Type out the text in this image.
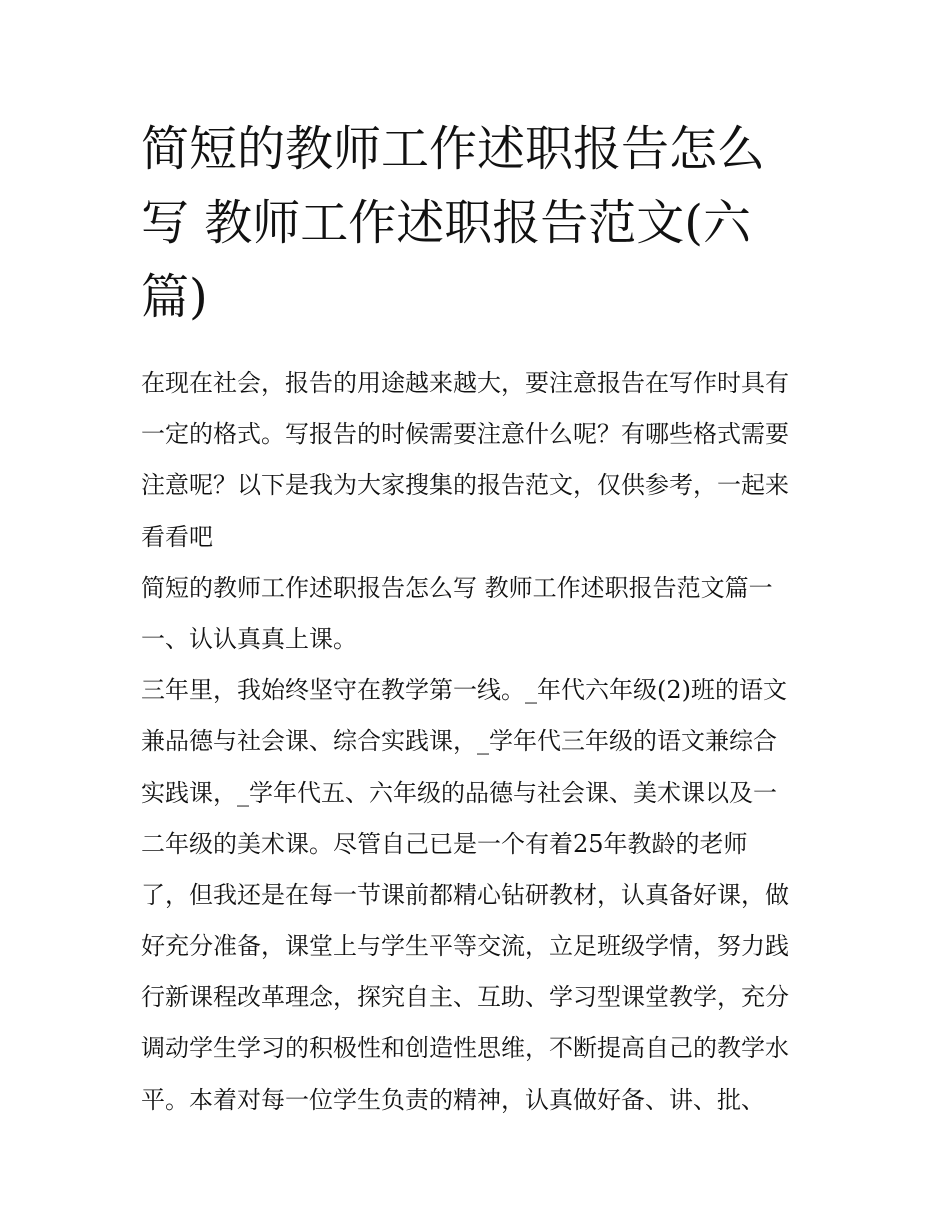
简短的教师工作述职报告怎么
写 教师工作述职报告范文(六
篇)
在现在社会，报告的用途越来越大，要注意报告在写作时具有
一定的格式。写报告的时候需要注意什么呢？有哪些格式需要
注意呢？以下是我为大家搜集的报告范文，仅供参考，一起来
看看吧
简短的教师工作述职报告怎么写 教师工作述职报告范文篇一
一、认认真真上课。
三年里，我始终坚守在教学第一线。_年代六年级(2)班的语文
兼品德与社会课、综合实践课，_学年代三年级的语文兼综合
实践课，_学年代五、六年级的品德与社会课、美术课以及一
二年级的美术课。尽管自己已是一个有着25年教龄的老师
了，但我还是在每一节课前都精心钻研教材，认真备好课，做
好充分准备，课堂上与学生平等交流，立足班级学情，努力践
行新课程改革理念，探究自主、互助、学习型课堂教学，充分
调动学生学习的积极性和创造性思维，不断提高自己的教学水
平。本着对每一位学生负责的精神，认真做好备、讲、批、
